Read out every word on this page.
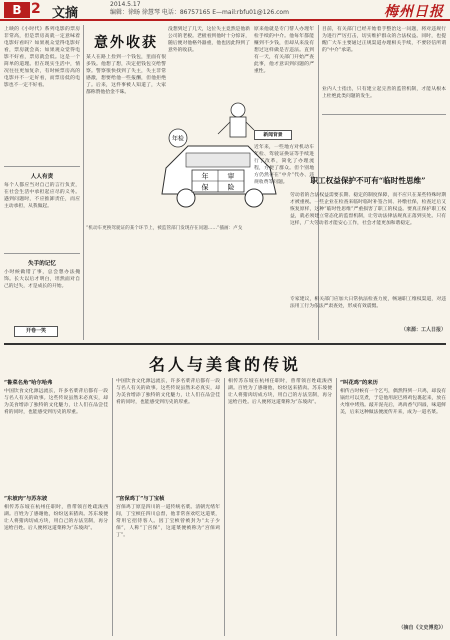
B 2 文摘
2014.5.17
编辑：徐旸 徐慧琴 电话：86757165 E—mail:rbfu01@126.com	梅州日报
上映的《小时代》系列电影的票房非常高，但是票房高就一定意味着电影好看吗？如果观众觉得电影好看，票房就会高；如果观众觉得电影不好看，票房就会低。这是一个简单的道理。但在现实生活中，情况往往更加复杂，有时候票房高的电影并不一定好看，而票房低的电影也不一定不好看。
人人有责
每个人都应当对自己的言行负责，在社会生活中承担起应尽的义务。遇到问题时，不应推卸责任，而应主动承担，从我做起。
失手的记忆
小时候做错了事，总会想办法掩饰。长大以后才明白，坦然面对自己的过失，才是成长的开始。
开卷一笑
意外收获
某人在路上捡到一个钱包，里面有很多钱。他想了想，决定把钱包交给警察。警察很快找到了失主，失主非常感激，想要给他一些报酬，但他拒绝了。后来，这件事被人知道了，大家都称赞他拾金不昧。
没想到过了几天，这位失主竟然是他新公司的老板。老板看到他时十分惊讶，随后便对他格外器重，他也因此得到了意外的收获。
年	审
保	险
年检
“机动车更换驾驶证的某个环节上，被监管部门发现存在问题……”插画：卢戈
原来他就是专门帮人办理年检手续的中介。他每年都能赚到不少钱，但却从来没有想过这样做是否违法。直到有一天，有关部门开始严查此事，他才意识到问题的严重性。
新闻背景
近年来，一些地方对机动车年检、驾驶证换证等手续进行了改革，简化了办理流程，方便了群众。但个别地方仍然存在“中介”代办、违规收费等问题。
目前，有关部门已经开始着手整治这一问题，将对违规行为进行严厉打击，切实维护群众的合法权益。同时，也提醒广大车主要通过正规渠道办理相关手续，不要轻信所谓的“中介”承诺。
业内人士指出，只有建立起完善的监管机制，才能从根本上杜绝此类问题的发生。
职工权益保护不可有“临时性思维”
劳动者的合法权益需要长期、稳定的制度保障，而不应只在某些特殊时期才被重视。一些企业在检查来临时临时补签合同、补缴社保，检查过后又恢复原样，这种“临时性思维”严重损害了职工的权益。要真正保护职工权益，就必须建立常态化的监督机制，让劳动法律法规真正落到实处。只有这样，广大劳动者才能安心工作，社会才能更加和谐稳定。
专家建议，相关部门应加大日常执法检查力度，畅通职工维权渠道，对违法用工行为依法严肃查处，形成有效震慑。
（来源：工人日报）
名人与美食的传说
“鲁菜名角”哈尔哈弗
中国饮食文化源远流长，许多名菜背后都有一段与名人有关的故事。这些传说虽然未必真实，却为美食增添了独特的文化魅力，让人们在品尝佳肴的同时，也能感受到历史的厚重。
“东坡肉”与苏东坡
相传苏东坡在杭州任职时，曾带领百姓疏浚西湖。百姓为了感谢他，纷纷送来猪肉。苏东坡便让人将猪肉切成方块，用自己的方法烹制，再分送给百姓。后人便将这道菜称为“东坡肉”。
中国饮食文化源远流长，许多名菜背后都有一段与名人有关的故事。这些传说虽然未必真实，却为美食增添了独特的文化魅力，让人们在品尝佳肴的同时，也能感受到历史的厚重。
“宫保鸡丁”与丁宝桢
宫保鸡丁原是四川的一道传统名菜。清朝光绪年间，丁宝桢任四川总督，他非常喜欢吃这道菜，常用它招待客人。因丁宝桢曾被封为“太子少保”，人称“丁宫保”，这道菜便被称为“宫保鸡丁”。
相传苏东坡在杭州任职时，曾带领百姓疏浚西湖。百姓为了感谢他，纷纷送来猪肉。苏东坡便让人将猪肉切成方块，用自己的方法烹制，再分送给百姓。后人便将这道菜称为“东坡肉”。
“叫花鸡”的来历
相传古时候有一个乞丐，偶然得到一只鸡，却没有锅灶可以烹煮，于是他用泥巴将鸡包裹起来，放在火堆中烤熟。敲开泥壳后，鸡肉香气四溢，味道鲜美，后来这种做法便流传开来，成为一道名菜。
（摘自《文史博览》）
